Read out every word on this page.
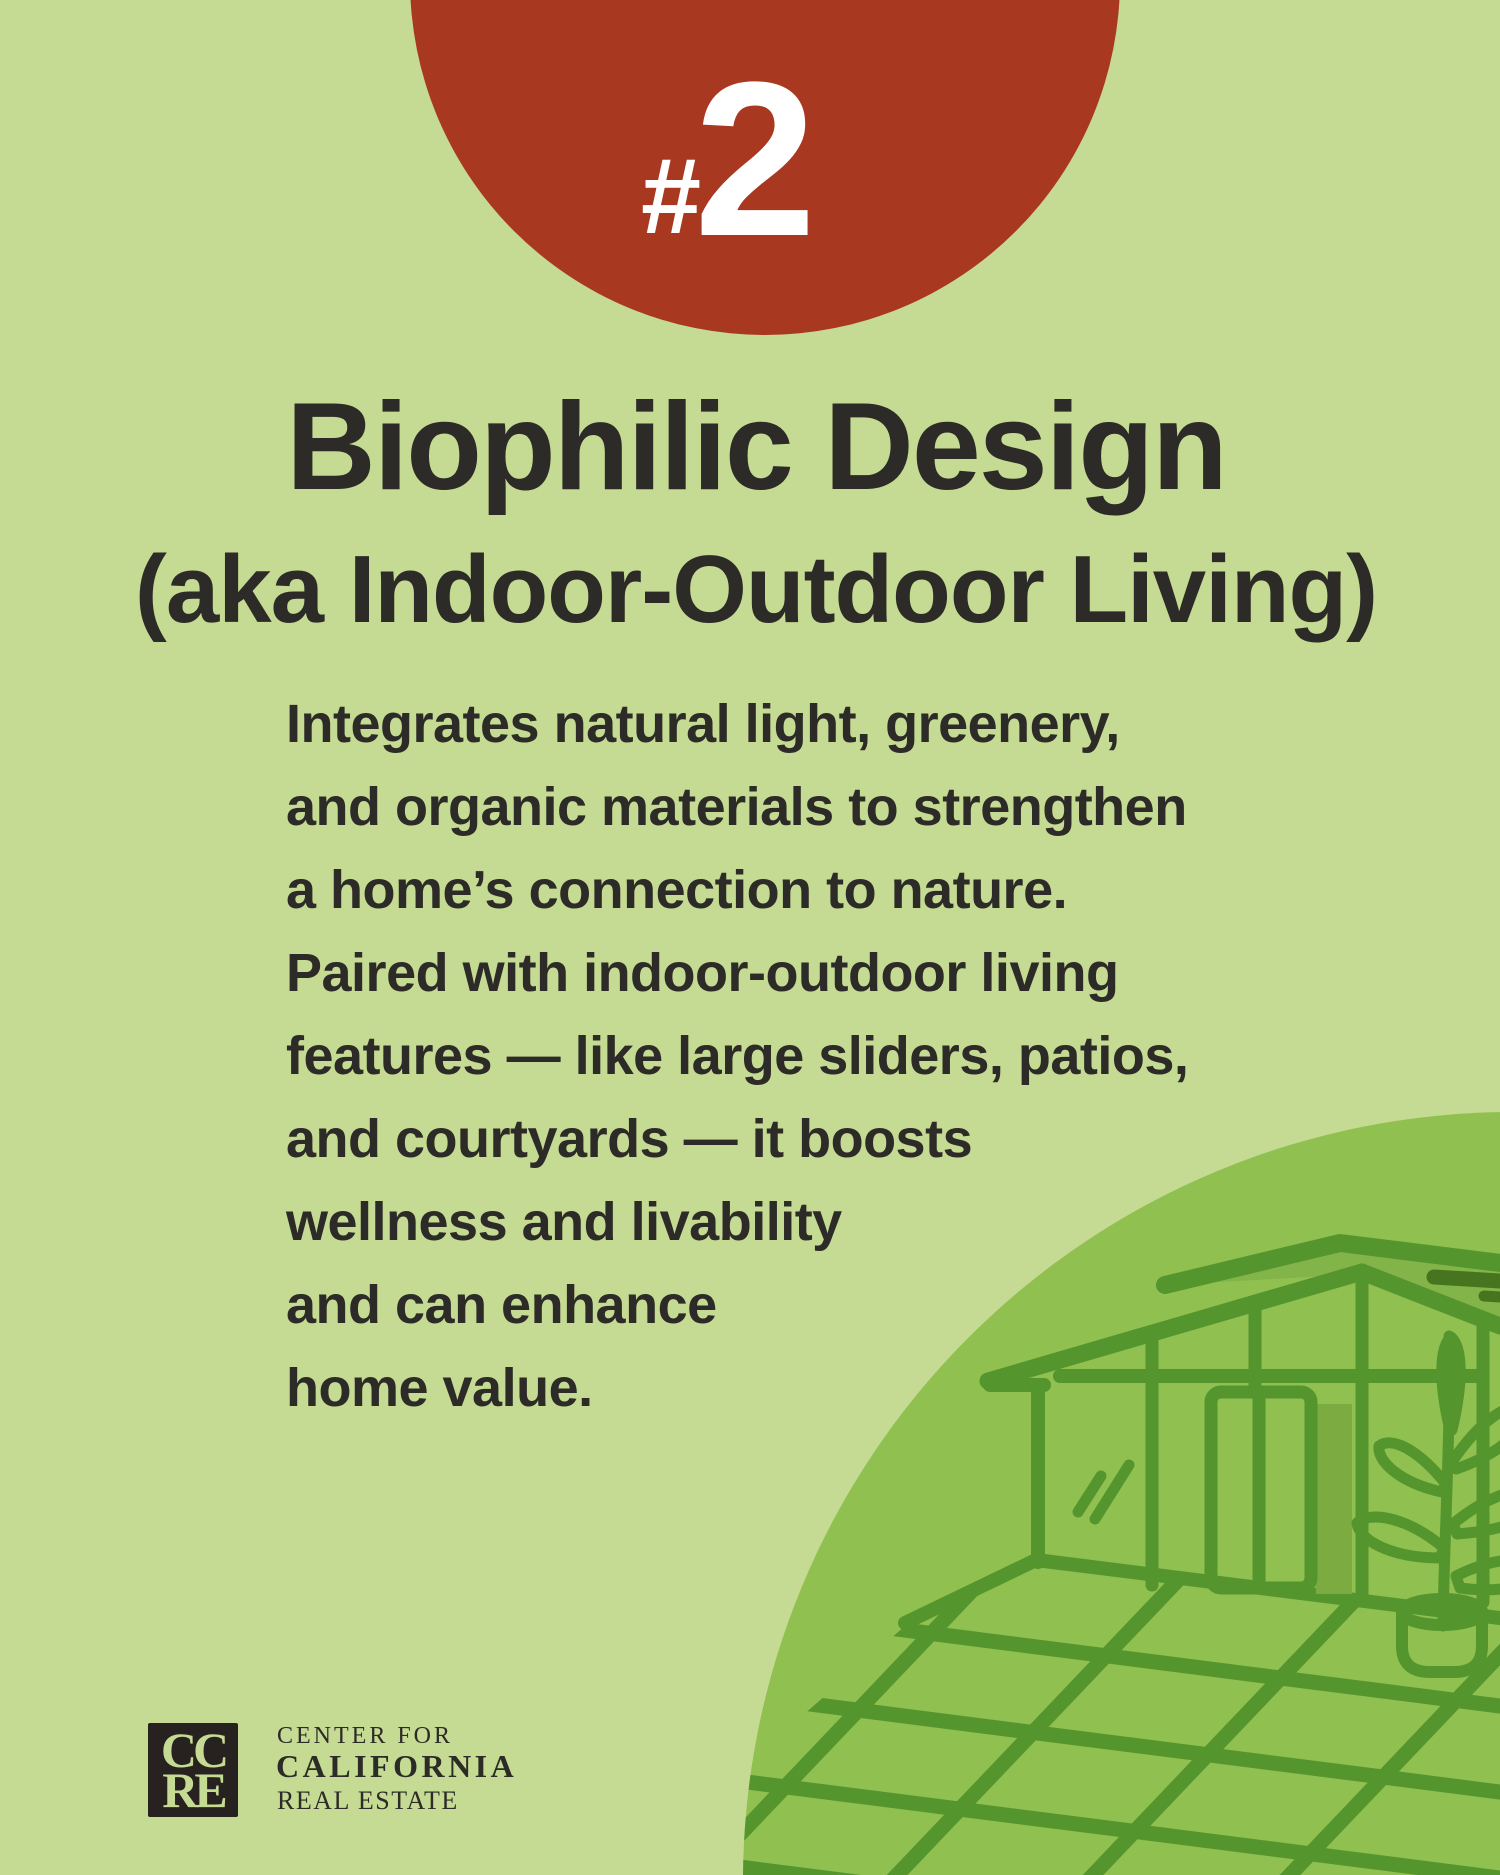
#
2
Biophilic Design
(aka Indoor-Outdoor Living)
Integrates natural light, greenery,
and organic materials to strengthen
a home’s connection to nature.
Paired with indoor-outdoor living
features — like large sliders, patios,
and courtyards — it boosts
wellness and livability
and can enhance
home value.
CC
RE
CENTER FOR
CALIFORNIA
REAL ESTATE
